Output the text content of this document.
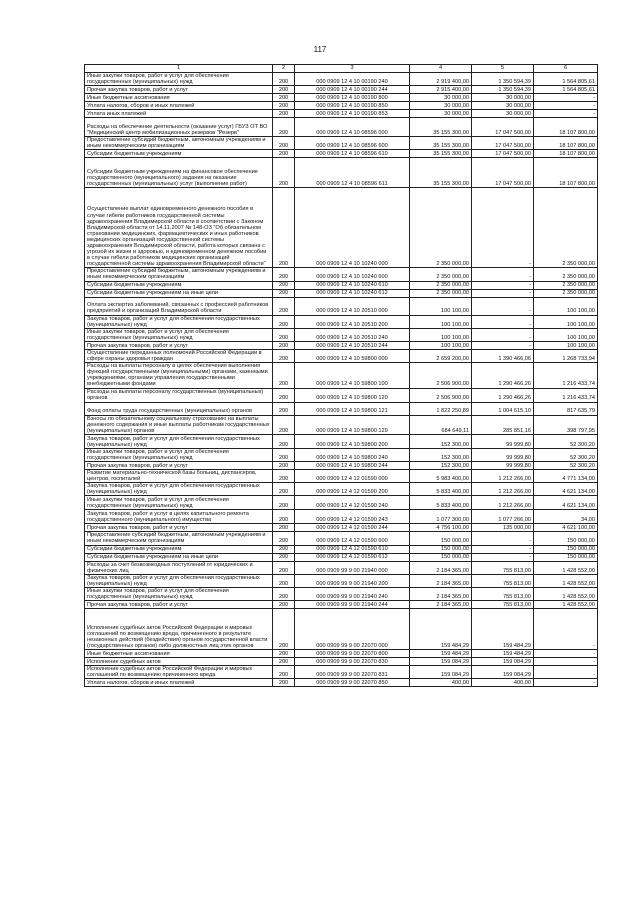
117
1	2	3	4	5	6
Иные закупки товаров, работ и услуг для обеспечения государственных (муниципальных) нужд	200	000 0909 12 4 10 00190 240	2 919 400,00	1 350 594,39	1 564 805,61
Прочая закупка товаров, работ и услуг	200	000 0909 12 4 10 00190 244	2 915 400,00	1 350 594,39	1 564 805,61
Иные бюджетные ассигнования	200	000 0909 12 4 10 00190 800	30 000,00	30 000,00	-
Уплата налогов, сборов и иных платежей	200	000 0909 12 4 10 00190 850	30 000,00	30 000,00	-
Уплата иных платежей	200	000 0909 12 4 10 00190 853	30 000,00	30 000,00	-
Расходы на обеспечение деятельности (оказание услуг) ГБУЗ ОТ ВО "Медицинский центр мобилизационных резервов "Резерв"	200	000 0909 12 4 10 08596 000	35 155 300,00	17 047 500,00	18 107 800,00
Предоставление субсидий бюджетным, автономным учреждениям и иным некоммерческим организациям	200	000 0909 12 4 10 08596 600	35 155 300,00	17 047 500,00	18 107 800,00
Субсидии бюджетным учреждениям	200	000 0909 12 4 10 08596 610	35 155 300,00	17 047 500,00	18 107 800,00
Субсидии бюджетным учреждениям на финансовое обеспечение государственного (муниципального) задания на оказание государственных (муниципальных) услуг (выполнение работ)	200	000 0909 12 4 10 08596 611	35 155 300,00	17 047 500,00	18 107 800,00
Осуществление выплат единовременного денежного пособия в случае гибели работников государственной системы здравоохранения Владимирской области в соответствии с Законом Владимирской области от 14.11.2007 № 148-ОЗ "Об обязательном страховании медицинских, фармацевтических и иных работников медицинских организаций государственной системы здравоохранения Владимирской области, работа которых связана с угрозой их жизни и здоровью, и единовременном денежном пособии в случае гибели работников медицинских организаций государственной системы здравоохранения Владимирской области"	200	000 0909 12 4 10 10240 000	2 350 000,00	-	2 350 000,00
Предоставление субсидий бюджетным, автономным учреждениям и иным некоммерческим организациям	200	000 0909 12 4 10 10240 600	2 350 000,00	-	2 350 000,00
Субсидии бюджетным учреждениям	200	000 0909 12 4 10 10240 610	2 350 000,00	-	2 350 000,00
Субсидии бюджетным учреждениям на иные цели	200	000 0909 12 4 10 10240 612	2 350 000,00	-	2 350 000,00
Оплата экспертиз заболеваний, связанных с профессией работников предприятий и организаций Владимирской области	200	000 0909 12 4 10 20510 000	100 100,00	-	100 100,00
Закупка товаров, работ и услуг для обеспечения государственных (муниципальных) нужд	200	000 0909 12 4 10 20510 200	100 100,00	-	100 100,00
Иные закупки товаров, работ и услуг для обеспечения государственных (муниципальных) нужд	200	000 0909 12 4 10 20510 240	100 100,00	-	100 100,00
Прочая закупка товаров, работ и услуг	200	000 0909 12 4 10 20510 244	100 100,00	-	100 100,00
Осуществление переданных полномочий Российской Федерации в сфере охраны здоровья граждан	200	000 0909 12 4 10 59800 000	2 659 200,00	1 390 466,06	1 268 733,94
Расходы на выплаты персоналу в целях обеспечения выполнения функций государственными (муниципальными) органами, казенными учреждениями, органами управления государственными внебюджетными фондами	200	000 0909 12 4 10 59800 100	2 506 900,00	1 290 466,26	1 216 433,74
Расходы на выплаты персоналу государственных (муниципальных) органов	200	000 0909 12 4 10 59800 120	2 506 900,00	1 290 466,26	1 216 433,74
Фонд оплаты труда государственных (муниципальных) органов	200	000 0909 12 4 10 59800 121	1 822 250,89	1 004 615,10	817 635,79
Взносы по обязательному социальному страхованию на выплаты денежного содержания и иные выплаты работникам государственных (муниципальных) органов	200	000 0909 12 4 10 59800 129	684 649,11	285 851,16	398 797,95
Закупка товаров, работ и услуг для обеспечения государственных (муниципальных) нужд	200	000 0909 12 4 10 59800 200	152 300,00	99 999,80	52 300,20
Иные закупки товаров, работ и услуг для обеспечения государственных (муниципальных) нужд	200	000 0909 12 4 10 59800 240	152 300,00	99 999,80	52 300,20
Прочая закупка товаров, работ и услуг	200	000 0909 12 4 10 59800 244	152 300,00	99 999,80	52 300,20
Развитие материально-технической базы больниц, диспансеров, центров, госпиталей	200	000 0909 12 4 12 01590 000	5 983 400,00	1 212 266,00	4 771 134,00
Закупка товаров, работ и услуг для обеспечения государственных (муниципальных) нужд	200	000 0909 12 4 12 01590 200	5 833 400,00	1 212 266,00	4 621 134,00
Иные закупки товаров, работ и услуг для обеспечения государственных (муниципальных) нужд	200	000 0909 12 4 12 01590 240	5 833 400,00	1 212 266,00	4 621 134,00
Закупка товаров, работ и услуг в целях капитального ремонта государственного (муниципального) имущества	200	000 0909 12 4 12 01590 243	1 077 300,00	1 077 266,00	34,00
Прочая закупка товаров, работ и услуг	200	000 0909 12 4 12 01590 244	4 756 100,00	135 000,00	4 621 100,00
Предоставление субсидий бюджетным, автономным учреждениям и иным некоммерческим организациям	200	000 0909 12 4 12 01590 600	150 000,00	-	150 000,00
Субсидии бюджетным учреждениям	200	000 0909 12 4 12 01590 610	150 000,00	-	150 000,00
Субсидии бюджетным учреждениям на иные цели	200	000 0909 12 4 12 01590 612	150 000,00	-	150 000,00
Расходы за счет безвозмездных поступлений от юридических и физических лиц	200	000 0909 99 9 00 21940 000	2 184 365,00	755 813,00	1 428 552,00
Закупка товаров, работ и услуг для обеспечения государственных (муниципальных) нужд	200	000 0909 99 9 00 21940 200	2 184 365,00	755 813,00	1 428 552,00
Иные закупки товаров, работ и услуг для обеспечения государственных (муниципальных) нужд	200	000 0909 99 9 00 21940 240	2 184 365,00	755 813,00	1 428 552,00
Прочая закупка товаров, работ и услуг	200	000 0909 99 9 00 21940 244	2 184 365,00	755 813,00	1 428 552,00
Исполнение судебных актов Российской Федерации и мировых соглашений по возмещению вреда, причиненного в результате незаконных действий (бездействия) органов государственной власти (государственных органов) либо должностных лиц этих органов	200	000 0909 99 9 00 22070 000	159 484,29	159 484,29	-
Иные бюджетные ассигнования	200	000 0909 99 9 00 22070 800	159 484,29	159 484,29	-
Исполнение судебных актов	200	000 0909 99 9 00 22070 830	159 084,29	159 084,29	-
Исполнение судебных актов Российской Федерации и мировых соглашений по возмещению причиненного вреда	200	000 0909 99 9 00 22070 831	159 084,29	159 084,29	-
Уплата налогов, сборов и иных платежей	200	000 0909 99 9 00 22070 850	400,00	400,00	-
